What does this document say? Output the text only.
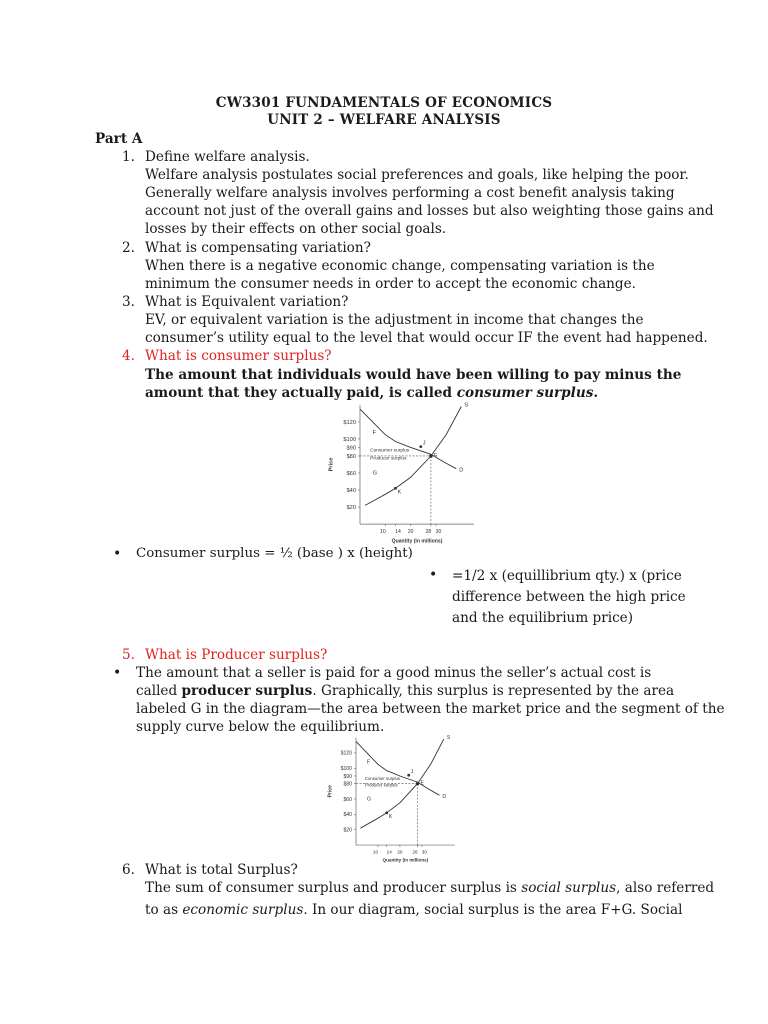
CW3301 FUNDAMENTALS OF ECONOMICS
UNIT 2 – WELFARE ANALYSIS
Part A
1. Define welfare analysis.
Welfare analysis postulates social preferences and goals, like helping the poor.
Generally welfare analysis involves performing a cost benefit analysis taking
account not just of the overall gains and losses but also weighting those gains and
losses by their effects on other social goals.
2. What is compensating variation?
When there is a negative economic change, compensating variation is the
minimum the consumer needs in order to accept the economic change.
3. What is Equivalent variation?
EV, or equivalent variation is the adjustment in income that changes the
consumer’s utility equal to the level that would occur IF the event had happened.
4. What is consumer surplus?
The amount that individuals would have been willing to pay minus the
amount that they actually paid, is called consumer surplus.
$120
$100
$90
$80
$60
$40
$20
10 14 20 28 30
Quantity (in millions)
Price	D
S
E
J
K
F
G
Consumer surplus
Producer surplus
• Consumer surplus = ½ (base ) x (height)
• =1/2 x (equillibrium qty.) x (price
difference between the high price
and the equilibrium price)
5. What is Producer surplus?
• The amount that a seller is paid for a good minus the seller’s actual cost is
called producer surplus. Graphically, this surplus is represented by the area
labeled G in the diagram—the area between the market price and the segment of the
supply curve below the equilibrium.
$120
$100
$90
$80
$60
$40
$20
10 14 20 28 30
Quantity (in millions)
Price	D
S
E
J
K
F
G
Consumer surplus
Producer surplus
6. What is total Surplus?
The sum of consumer surplus and producer surplus is social surplus, also referred
to as economic surplus. In our diagram, social surplus is the area F+G. Social
